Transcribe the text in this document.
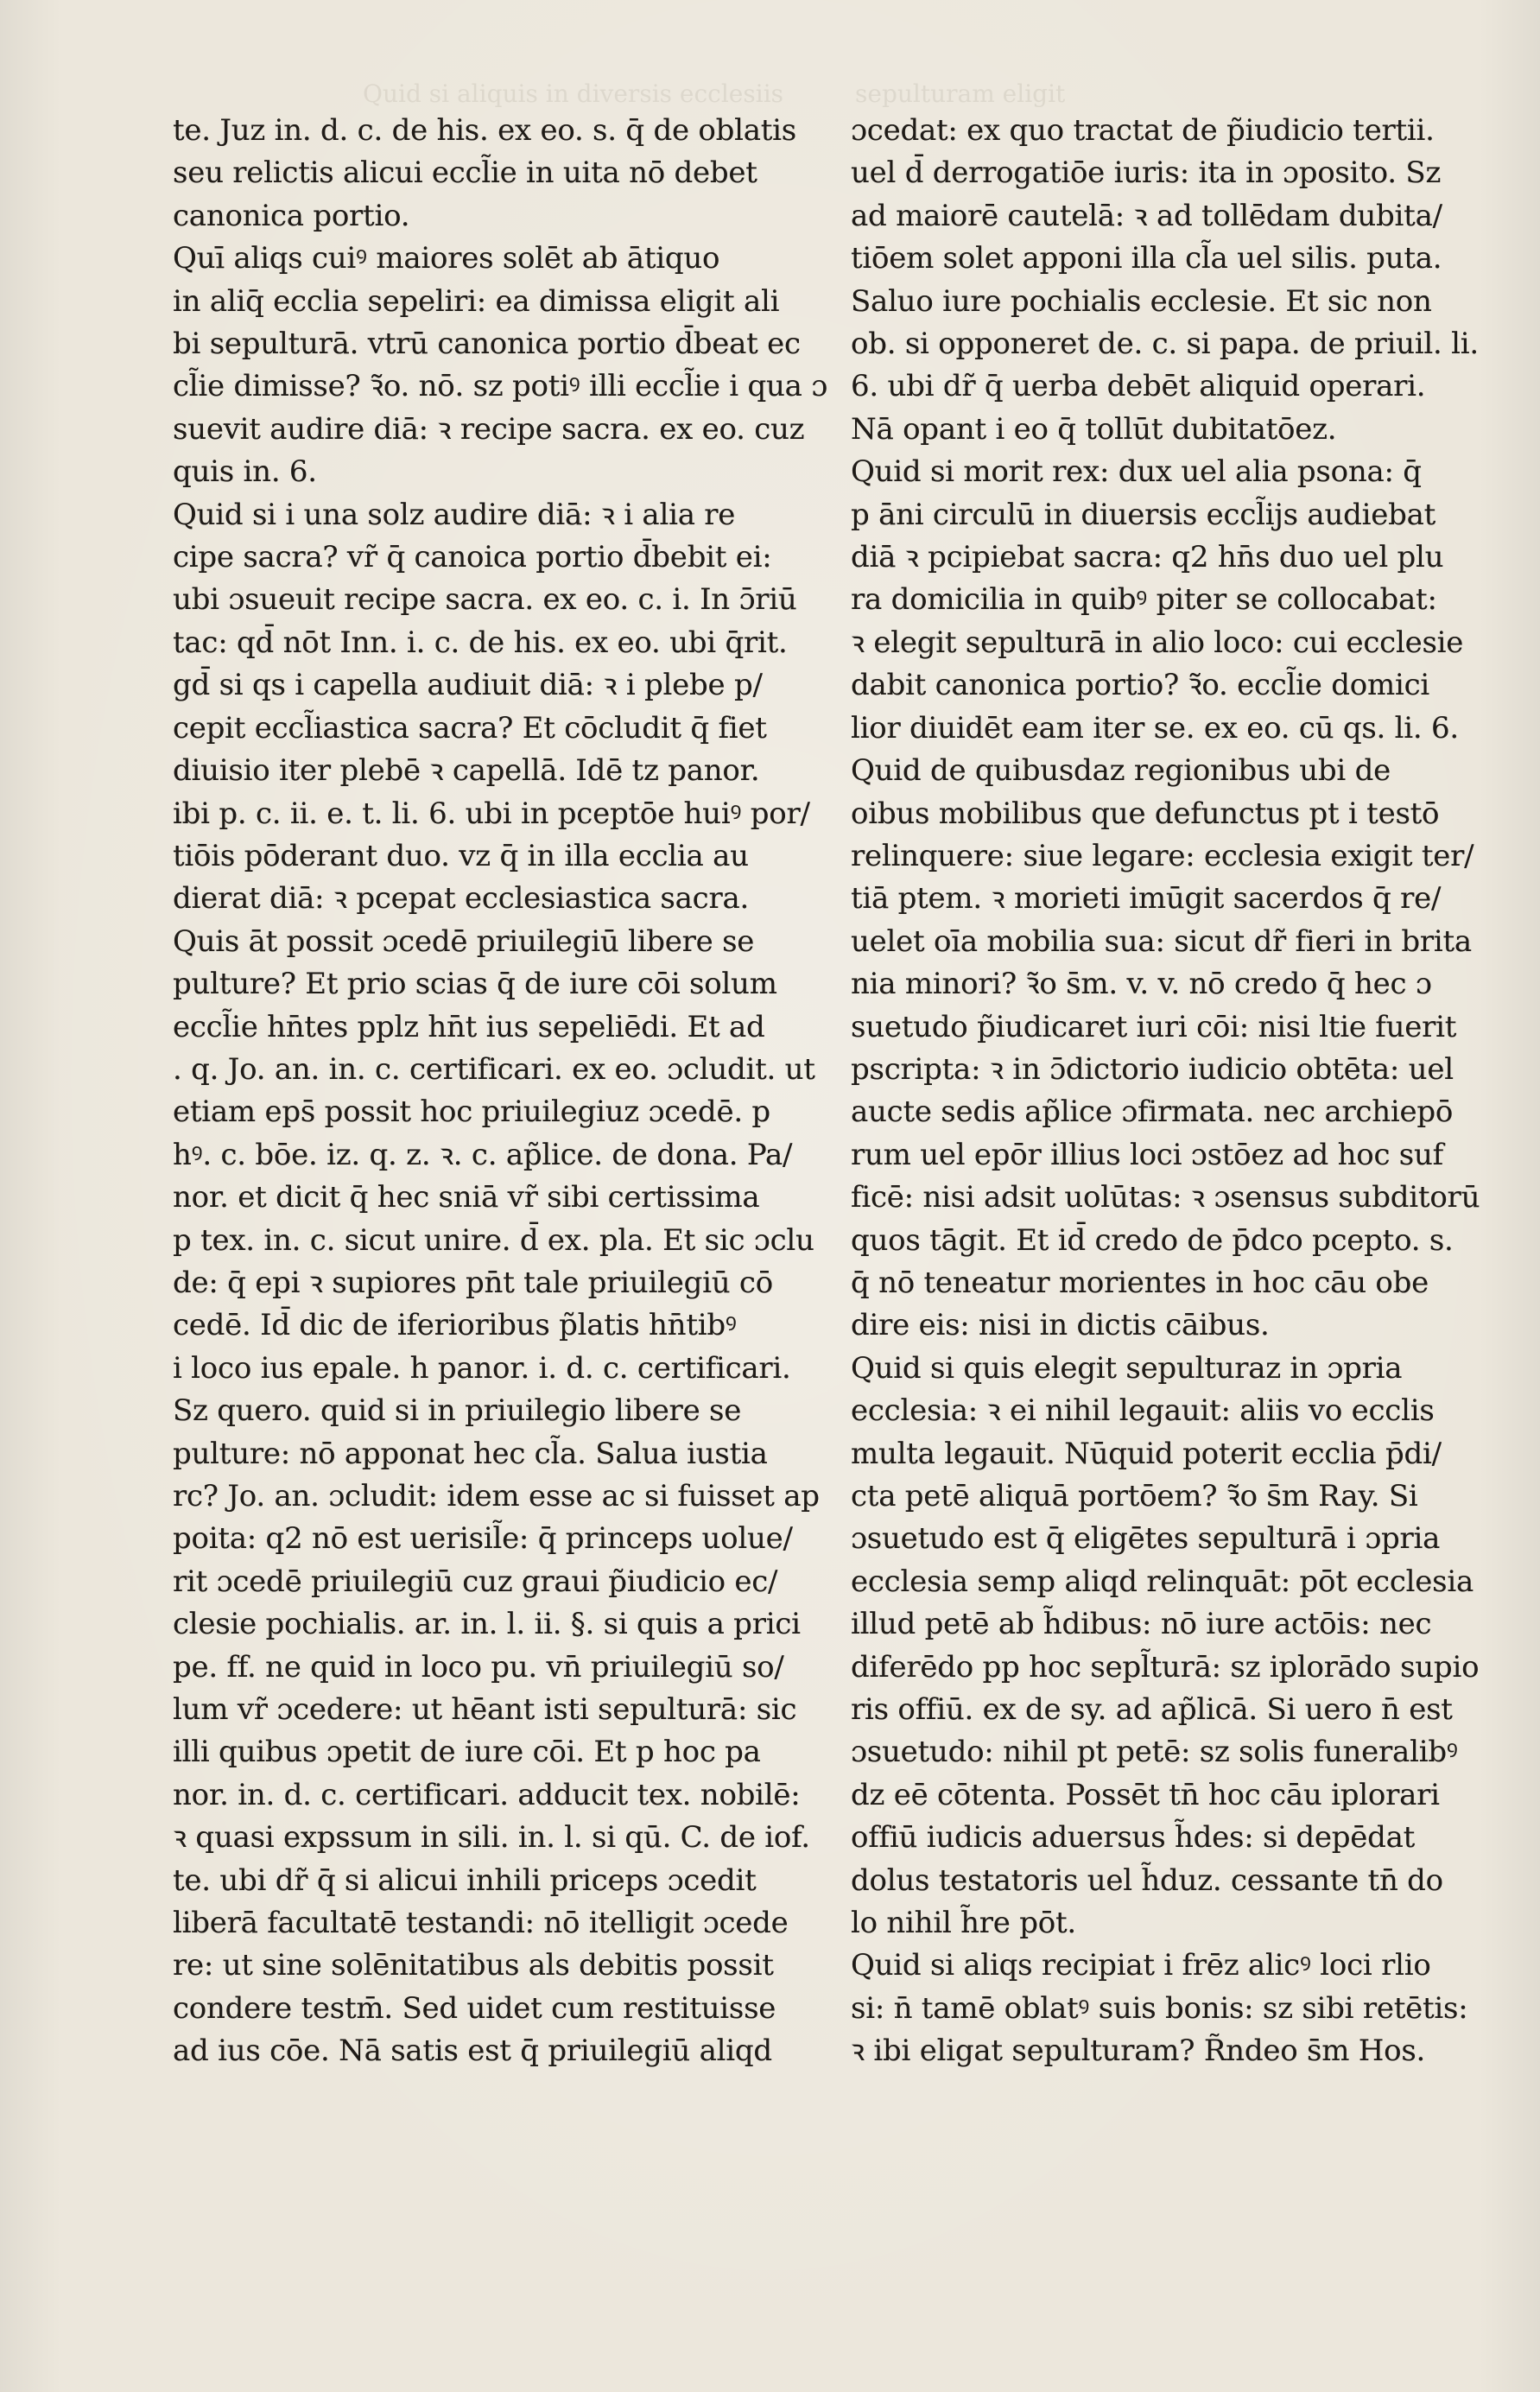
Quid si aliquis in diversis ecclesiis	sepulturam eligit
te. Juz in. d. c. de his. ex eo. s. q̄ de oblatis
seu relictis alicui eccl̃ie in uita nō debet
canonica portio.
Quī aliqs cuiꝰ maiores solēt ab ātiquo
in aliq̄ ecclia sepeliri: ea dimissa eligit ali
bi sepulturā. vtrū canonica portio d̄beat ec
cl̃ie dimisse? ꝛ̃o. nō. sz potiꝰ illi eccl̃ie i qua ɔ
suevit audire diā: ꝛ recipe sacra. ex eo. cuz
quis in. 6.
Quid si i una solz audire diā: ꝛ i alia re
cipe sacra? vr̃ q̄ canoica portio d̄bebit ei:
ubi ɔsueuit recipe sacra. ex eo. c. i. In ɔ̄riū
tac: qd̄ nōt Inn. i. c. de his. ex eo. ubi q̄rit.
gd̄ si qs i capella audiuit diā: ꝛ i plebe p/
cepit eccl̃iastica sacra? Et cōcludit q̄ fiet
diuisio iter plebē ꝛ capellā. Idē tz panor.
ibi p. c. ii. e. t. li. 6. ubi in pceptōe huiꝰ por/
tiōis pōderant duo. vz q̄ in illa ecclia au
dierat diā: ꝛ pcepat ecclesiastica sacra.
Quis āt possit ɔcedē priuilegiū libere se
pulture? Et prio scias q̄ de iure cōi solum
eccl̃ie hn̄tes pplz hn̄t ius sepeliēdi. Et ad
. q. Jo. an. in. c. certificari. ex eo. ɔcludit. ut
etiam eps̄ possit hoc priuilegiuz ɔcedē. p
hꝰ. c. bōe. iz. q. z. ꝛ. c. ap̃lice. de dona. Pa/
nor. et dicit q̄ hec sniā vr̃ sibi certissima
p tex. in. c. sicut unire. d̄ ex. pla. Et sic ɔclu
de: q̄ epi ꝛ supiores pn̄t tale priuilegiū cō
cedē. Id̄ dic de iferioribus p̃latis hn̄tibꝰ
i loco ius epale. h panor. i. d. c. certificari.
Sz quero. quid si in priuilegio libere se
pulture: nō apponat hec cl̃a. Salua iustia
rc? Jo. an. ɔcludit: idem esse ac si fuisset ap
poita: q2 nō est uerisil̃e: q̄ princeps uolue/
rit ɔcedē priuilegiū cuz graui p̃iudicio ec/
clesie pochialis. ar. in. l. ii. §. si quis a prici
pe. ff. ne quid in loco pu. vn̄ priuilegiū so/
lum vr̃ ɔcedere: ut hēant isti sepulturā: sic
illi quibus ɔpetit de iure cōi. Et p hoc pa
nor. in. d. c. certificari. adducit tex. nobilē:
ꝛ quasi expssum in sili. in. l. si qū. C. de iof.
te. ubi dr̃ q̄ si alicui inhili priceps ɔcedit
liberā facultatē testandi: nō itelligit ɔcede
re: ut sine solēnitatibus als debitis possit
condere testm̄. Sed uidet cum restituisse
ad ius cōe. Nā satis est q̄ priuilegiū aliqd
ɔcedat: ex quo tractat de p̃iudicio tertii.
uel d̄ derrogatiōe iuris: ita in ɔposito. Sz
ad maiorē cautelā: ꝛ ad tollēdam dubita/
tiōem solet apponi illa cl̃a uel silis. puta.
Saluo iure pochialis ecclesie. Et sic non
ob. si opponeret de. c. si papa. de priuil. li.
6. ubi dr̃ q̄ uerba debēt aliquid operari.
Nā opant i eo q̄ tollūt dubitatōez.
Quid si morit rex: dux uel alia psona: q̄
p āni circulū in diuersis eccl̃ijs audiebat
diā ꝛ pcipiebat sacra: q2 hn̄s duo uel plu
ra domicilia in quibꝰ piter se collocabat:
ꝛ elegit sepulturā in alio loco: cui ecclesie
dabit canonica portio? ꝛ̃o. eccl̃ie domici
lior diuidēt eam iter se. ex eo. cū qs. li. 6.
Quid de quibusdaz regionibus ubi de
oibus mobilibus que defunctus pt i testō
relinquere: siue legare: ecclesia exigit ter/
tiā ptem. ꝛ morieti imūgit sacerdos q̄ re/
uelet oīa mobilia sua: sicut dr̃ fieri in brita
nia minori? ꝛ̃o s̄m. v. v. nō credo q̄ hec ɔ
suetudo p̃iudicaret iuri cōi: nisi ltie fuerit
pscripta: ꝛ in ɔ̄dictorio iudicio obtēta: uel
aucte sedis ap̃lice ɔfirmata. nec archiepō
rum uel epōr illius loci ɔstōez ad hoc suf
ficē: nisi adsit uolūtas: ꝛ ɔsensus subditorū
quos tāgit. Et id̄ credo de p̄dco pcepto. s.
q̄ nō teneatur morientes in hoc cāu obe
dire eis: nisi in dictis cāibus.
Quid si quis elegit sepulturaz in ɔpria
ecclesia: ꝛ ei nihil legauit: aliis vo ecclis
multa legauit. Nūquid poterit ecclia p̄di/
cta petē aliquā portōem? ꝛ̃o s̄m Ray. Si
ɔsuetudo est q̄ eligētes sepulturā i ɔpria
ecclesia semp aliqd relinquāt: pōt ecclesia
illud petē ab h̃dibus: nō iure actōis: nec
diferēdo pp hoc sepl̃turā: sz iplorādo supio
ris offiū. ex de sy. ad ap̃licā. Si uero n̄ est
ɔsuetudo: nihil pt petē: sz solis funeralibꝰ
dz eē cōtenta. Possēt tn̄ hoc cāu iplorari
offiū iudicis aduersus h̃des: si depēdat
dolus testatoris uel h̃duz. cessante tn̄ do
lo nihil h̃re pōt.
Quid si aliqs recipiat i frēz alicꝰ loci rlio
si: n̄ tamē oblatꝰ suis bonis: sz sibi retētis:
ꝛ ibi eligat sepulturam? R̃ndeo s̄m Hos.
